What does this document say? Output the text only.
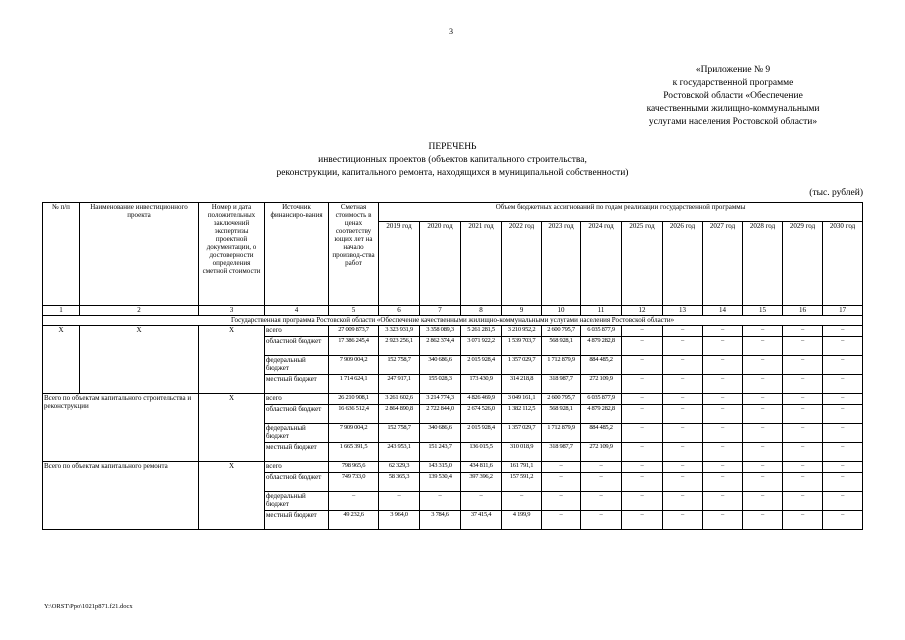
3
«Приложение № 9
к государственной программе
Ростовской области «Обеспечение
качественными жилищно-коммунальными
услугами населения Ростовской области»
ПЕРЕЧЕНЬ
инвестиционных проектов (объектов капитального строительства,
реконструкции, капитального ремонта, находящихся в муниципальной собственности)
(тыс. рублей)
№ п/п	Наименование инвестиционного проекта	Номер и дата положительных заключений экспертизы проектной документации, о достоверности определения сметной стоимости	Источник финансиро-вания	Сметная стоимость в ценах соответству ющих лет на начало производ-ства работ	Объем бюджетных ассигнований по годам реализации государственной программы											
					2019 год	2020 год	2021 год	2022 год	2023 год	2024 год	2025 год	2026 год	2027 год	2028 год	2029 год	2030 год
1	2	3	4	5	6	7	8	9	10	11	12	13	14	15	16	17
Государственная программа Ростовской области «Обеспечение качественными жилищно-коммунальными услугами населения Ростовской области»																
Х	Х	Х	всего	27 009 873,7	3 323 931,9	3 358 089,3	5 261 281,5	3 210 952,2	2 600 795,7	6 035 877,9	–	–	–	–	–	–
			областной бюджет	17 386 245,4	2 923 256,1	2 862 374,4	3 071 922,2	1 539 703,7	568 928,1	4 879 282,8	–	–	–	–	–	–
			федеральный бюджет	7 909 004,2	152 758,7	340 686,6	2 015 928,4	1 357 029,7	1 712 879,9	884 485,2	–	–	–	–	–	–
			местный бюджет	1 714 624,1	247 917,1	155 028,3	173 430,9	314 218,8	318 987,7	272 109,9	–	–	–	–	–	–
Всего по объектам капитального строительства и реконструкции		Х	всего	26 210 908,1	3 261 602,6	3 214 774,3	4 826 469,9	3 049 161,1	2 600 795,7	6 035 877,9	–	–	–	–	–	–
			областной бюджет	16 636 512,4	2 864 890,8	2 722 844,0	2 674 526,0	1 382 112,5	568 928,1	4 879 282,8	–	–	–	–	–	–
			федеральный бюджет	7 909 004,2	152 758,7	340 686,6	2 015 928,4	1 357 029,7	1 712 879,9	884 485,2	–	–	–	–	–	–
			местный бюджет	1 665 391,5	243 953,1	151 243,7	136 015,5	310 018,9	318 987,7	272 109,9	–	–	–	–	–	–
Всего по объектам капитального ремонта		Х	всего	798 965,6	62 329,3	143 315,0	434 811,6	161 791,1	–	–	–	–	–	–	–	–
			областной бюджет	749 733,0	58 365,3	139 530,4	397 396,2	157 591,2	–	–	–	–	–	–	–	–
			федеральный бюджет	–	–	–	–	–	–	–	–	–	–	–	–	–
			местный бюджет	49 232,6	3 964,0	3 784,6	37 415,4	4 199,9	–	–	–	–	–	–	–	–
Y:\ORST\Ppo\1021p871.f21.docx
